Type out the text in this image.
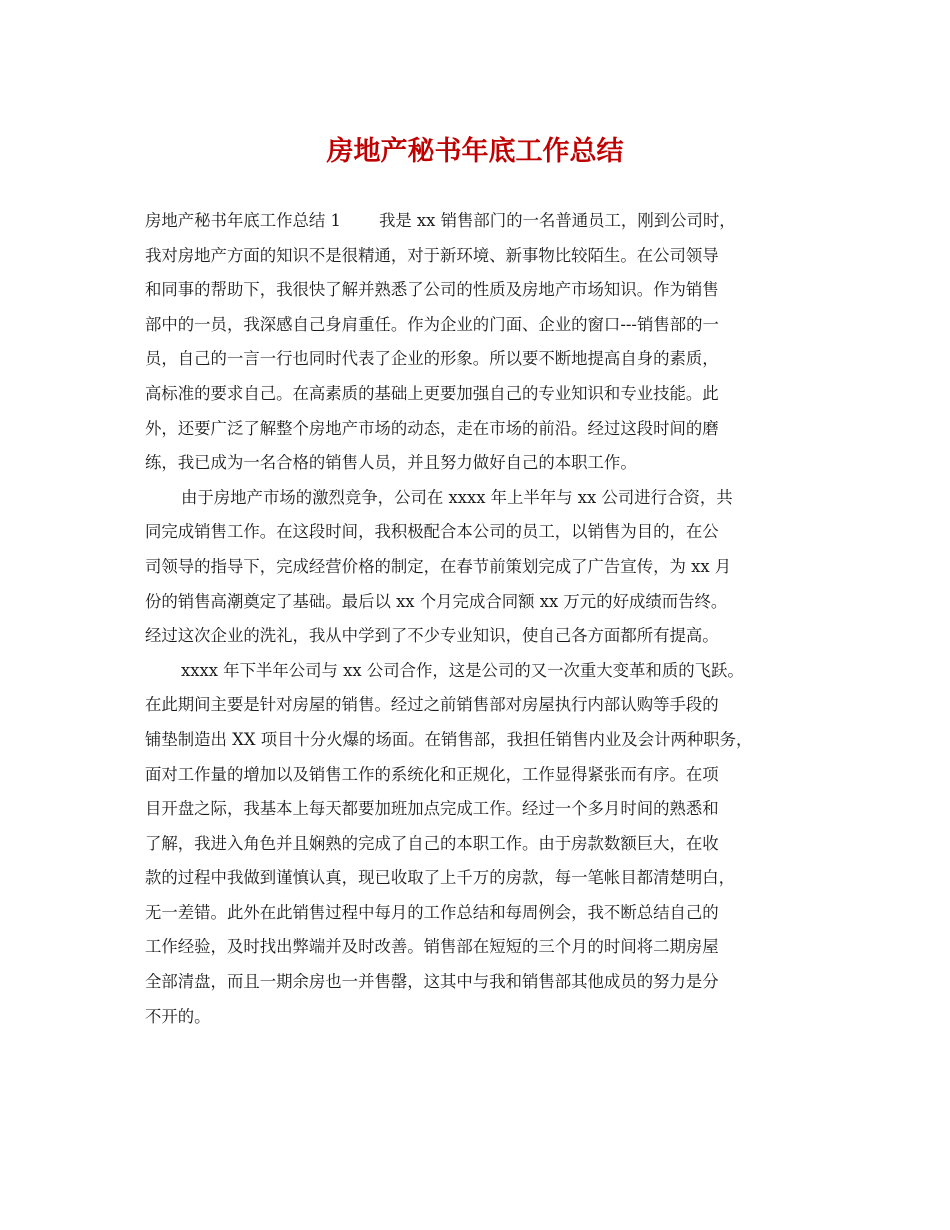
房地产秘书年底工作总结
房地产秘书年底工作总结 1 我是 xx 销售部门的一名普通员工，刚到公司时，
我对房地产方面的知识不是很精通，对于新环境、新事物比较陌生。在公司领导
和同事的帮助下，我很快了解并熟悉了公司的性质及房地产市场知识。作为销售
部中的一员，我深感自己身肩重任。作为企业的门面、企业的窗口---销售部的一
员，自己的一言一行也同时代表了企业的形象。所以要不断地提高自身的素质，
高标准的要求自己。在高素质的基础上更要加强自己的专业知识和专业技能。此
外，还要广泛了解整个房地产市场的动态，走在市场的前沿。经过这段时间的磨
练，我已成为一名合格的销售人员，并且努力做好自己的本职工作。
由于房地产市场的激烈竞争，公司在 xxxx 年上半年与 xx 公司进行合资，共
同完成销售工作。在这段时间，我积极配合本公司的员工，以销售为目的，在公
司领导的指导下，完成经营价格的制定，在春节前策划完成了广告宣传，为 xx 月
份的销售高潮奠定了基础。最后以 xx 个月完成合同额 xx 万元的好成绩而告终。
经过这次企业的洗礼，我从中学到了不少专业知识，使自己各方面都所有提高。
xxxx 年下半年公司与 xx 公司合作，这是公司的又一次重大变革和质的飞跃。
在此期间主要是针对房屋的销售。经过之前销售部对房屋执行内部认购等手段的
铺垫制造出 XX 项目十分火爆的场面。在销售部，我担任销售内业及会计两种职务，
面对工作量的增加以及销售工作的系统化和正规化，工作显得紧张而有序。在项
目开盘之际，我基本上每天都要加班加点完成工作。经过一个多月时间的熟悉和
了解，我进入角色并且娴熟的完成了自己的本职工作。由于房款数额巨大，在收
款的过程中我做到谨慎认真，现已收取了上千万的房款，每一笔帐目都清楚明白，
无一差错。此外在此销售过程中每月的工作总结和每周例会，我不断总结自己的
工作经验，及时找出弊端并及时改善。销售部在短短的三个月的时间将二期房屋
全部清盘，而且一期余房也一并售罄，这其中与我和销售部其他成员的努力是分
不开的。
